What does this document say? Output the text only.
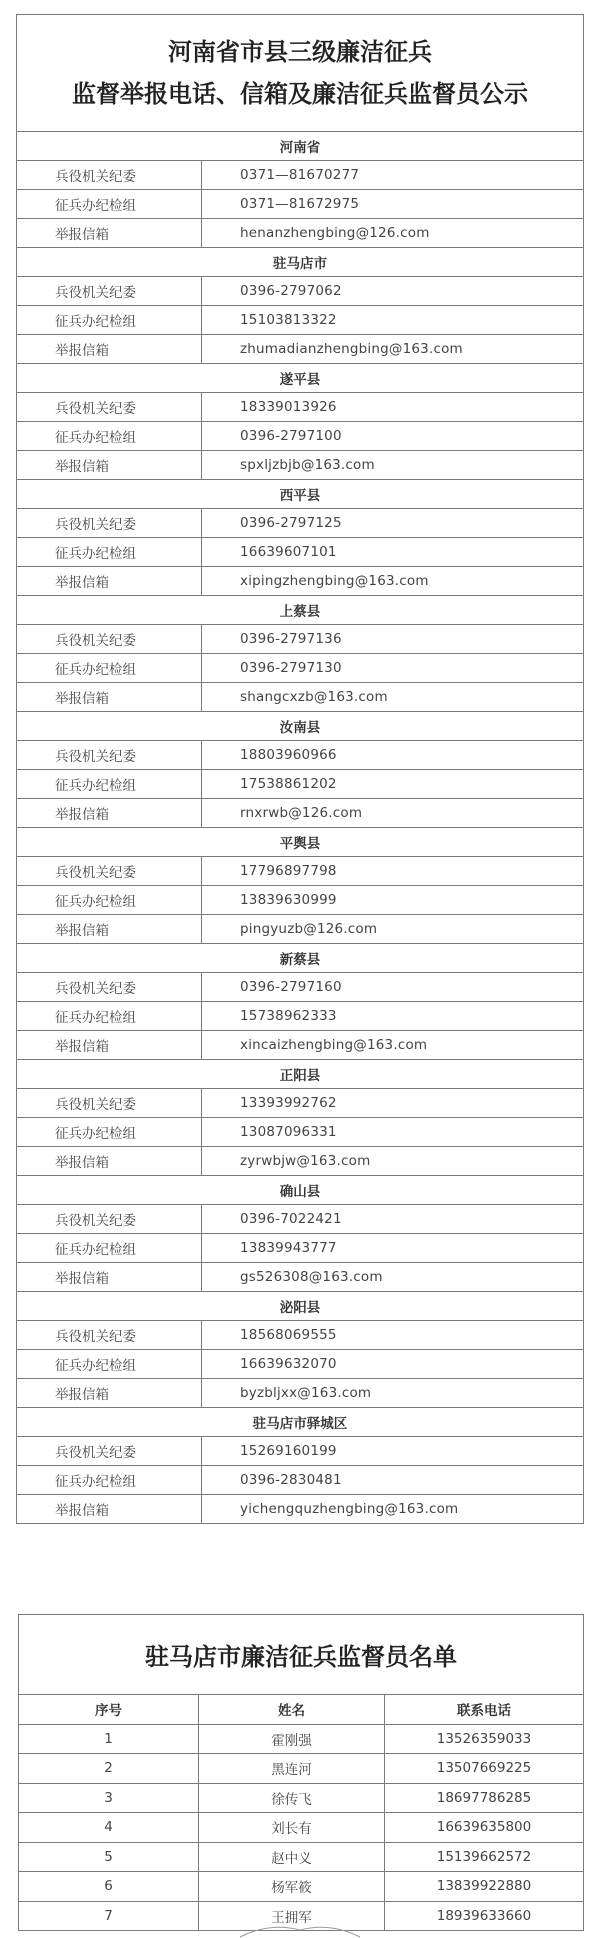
河南省市县三级廉洁征兵
监督举报电话、信箱及廉洁征兵监督员公示	

河南省	
兵役机关纪委	0371—81670277
征兵办纪检组	0371—81672975
举报信箱	henanzhengbing@126.com
驻马店市	
兵役机关纪委	0396-2797062
征兵办纪检组	15103813322
举报信箱	zhumadianzhengbing@163.com
遂平县	
兵役机关纪委	18339013926
征兵办纪检组	0396-2797100
举报信箱	spxljzbjb@163.com
西平县	
兵役机关纪委	0396-2797125
征兵办纪检组	16639607101
举报信箱	xipingzhengbing@163.com
上蔡县	
兵役机关纪委	0396-2797136
征兵办纪检组	0396-2797130
举报信箱	shangcxzb@163.com
汝南县	
兵役机关纪委	18803960966
征兵办纪检组	17538861202
举报信箱	rnxrwb@126.com
平舆县	
兵役机关纪委	17796897798
征兵办纪检组	13839630999
举报信箱	pingyuzb@126.com
新蔡县	
兵役机关纪委	0396-2797160
征兵办纪检组	15738962333
举报信箱	xincaizhengbing@163.com
正阳县	
兵役机关纪委	13393992762
征兵办纪检组	13087096331
举报信箱	zyrwbjw@163.com
确山县	
兵役机关纪委	0396-7022421
征兵办纪检组	13839943777
举报信箱	gs526308@163.com
泌阳县	
兵役机关纪委	18568069555
征兵办纪检组	16639632070
举报信箱	byzbljxx@163.com
驻马店市驿城区	
兵役机关纪委	15269160199
征兵办纪检组	0396-2830481
举报信箱	yichengquzhengbing@163.com
驻马店市廉洁征兵监督员名单		
序号	姓名	联系电话
1	霍刚强	13526359033
2	黑连河	13507669225
3	徐传飞	18697786285
4	刘长有	16639635800
5	赵中义	15139662572
6	杨军筱	13839922880
7	王拥军	18939633660
